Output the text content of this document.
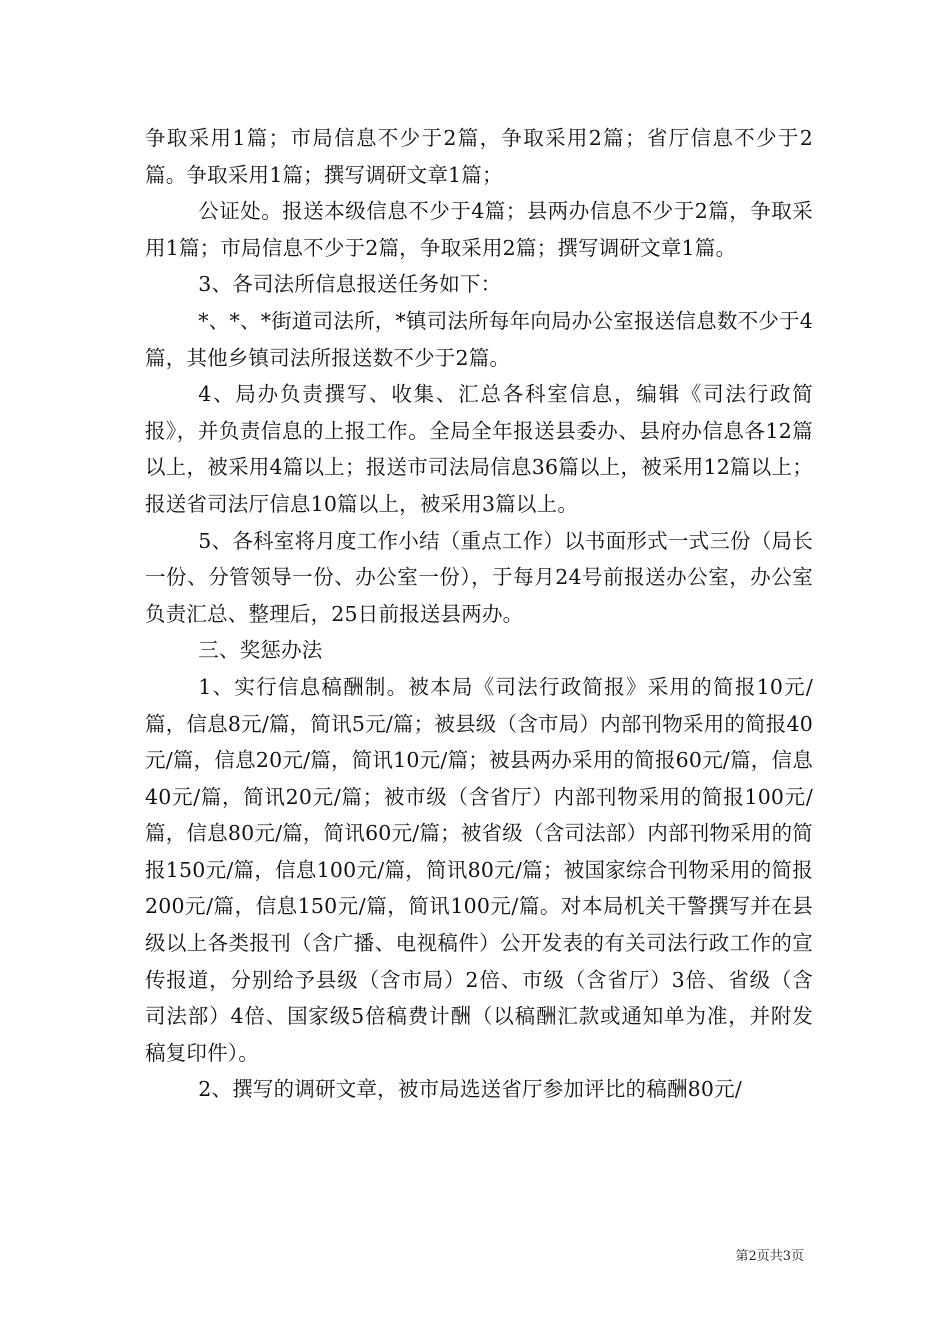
争取采用1篇；市局信息不少于2篇，争取采用2篇；省厅信息不少于2篇。争取采用1篇；撰写调研文章1篇；

公证处。报送本级信息不少于4篇；县两办信息不少于2篇，争取采用1篇；市局信息不少于2篇，争取采用2篇；撰写调研文章1篇。

3、各司法所信息报送任务如下：

*、*、*街道司法所，*镇司法所每年向局办公室报送信息数不少于4篇，其他乡镇司法所报送数不少于2篇。

4、局办负责撰写、收集、汇总各科室信息，编辑《司法行政简报》，并负责信息的上报工作。全局全年报送县委办、县府办信息各12篇以上，被采用4篇以上；报送市司法局信息36篇以上，被采用12篇以上；报送省司法厅信息10篇以上，被采用3篇以上。

5、各科室将月度工作小结（重点工作）以书面形式一式三份（局长一份、分管领导一份、办公室一份），于每月24号前报送办公室，办公室负责汇总、整理后，25日前报送县两办。

三、奖惩办法

1、实行信息稿酬制。被本局《司法行政简报》采用的简报10元/篇，信息8元/篇，简讯5元/篇；被县级（含市局）内部刊物采用的简报40元/篇，信息20元/篇，简讯10元/篇；被县两办采用的简报60元/篇，信息40元/篇，简讯20元/篇；被市级（含省厅）内部刊物采用的简报100元/篇，信息80元/篇，简讯60元/篇；被省级（含司法部）内部刊物采用的简报150元/篇，信息100元/篇，简讯80元/篇；被国家综合刊物采用的简报200元/篇，信息150元/篇，简讯100元/篇。对本局机关干警撰写并在县级以上各类报刊（含广播、电视稿件）公开发表的有关司法行政工作的宣传报道，分别给予县级（含市局）2倍、市级（含省厅）3倍、省级（含司法部）4倍、国家级5倍稿费计酬（以稿酬汇款或通知单为准，并附发稿复印件）。

2、撰写的调研文章，被市局选送省厅参加评比的稿酬80元/

第2页共3页
